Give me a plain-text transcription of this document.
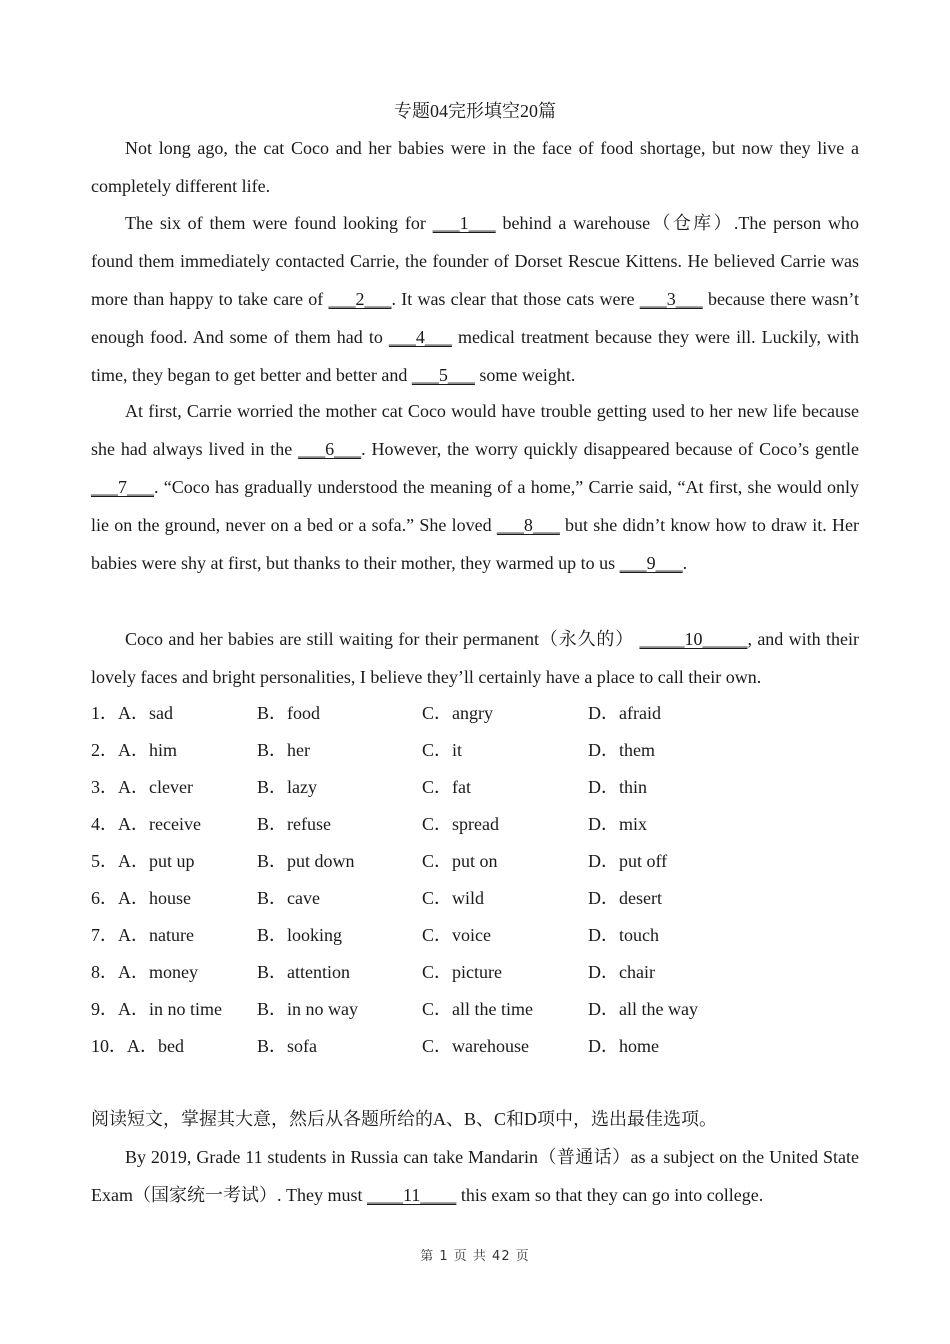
专题04完形填空20篇

Not long ago, the cat Coco and her babies were in the face of food shortage, but now they live a completely different life.

The six of them were found looking for ___1___ behind a warehouse（仓库）.The person who found them immediately contacted Carrie, the founder of Dorset Rescue Kittens. He believed Carrie was more than happy to take care of ___2___. It was clear that those cats were ___3___ because there wasn’t enough food. And some of them had to ___4___ medical treatment because they were ill. Luckily, with time, they began to get better and better and ___5___ some weight.

At first, Carrie worried the mother cat Coco would have trouble getting used to her new life because she had always lived in the ___6___. However, the worry quickly disappeared because of Coco’s gentle ___7___. “Coco has gradually understood the meaning of a home,” Carrie said, “At first, she would only lie on the ground, never on a bed or a sofa.” She loved ___8___ but she didn’t know how to draw it. Her babies were shy at first, but thanks to their mother, they warmed up to us ___9___.

Coco and her babies are still waiting for their permanent（永久的） _____10_____, and with their lovely faces and bright personalities, I believe they’ll certainly have a place to call their own.

1．A．sad	B．food	C．angry	D．afraid
2．A．him	B．her	C．it	D．them
3．A．clever	B．lazy	C．fat	D．thin
4．A．receive	B．refuse	C．spread	D．mix
5．A．put up	B．put down	C．put on	D．put off
6．A．house	B．cave	C．wild	D．desert
7．A．nature	B．looking	C．voice	D．touch
8．A．money	B．attention	C．picture	D．chair
9．A．in no time B．in no way	C．all the time	D．all the way
10．A．bed	B．sofa	C．warehouse	D．home

阅读短文，掌握其大意，然后从各题所给的A、B、C和D项中，选出最佳选项。

By 2019, Grade 11 students in Russia can take Mandarin（普通话）as a subject on the United State Exam（国家统一考试）. They must ____11____ this exam so that they can go into college.

第 1 页 共 42 页
